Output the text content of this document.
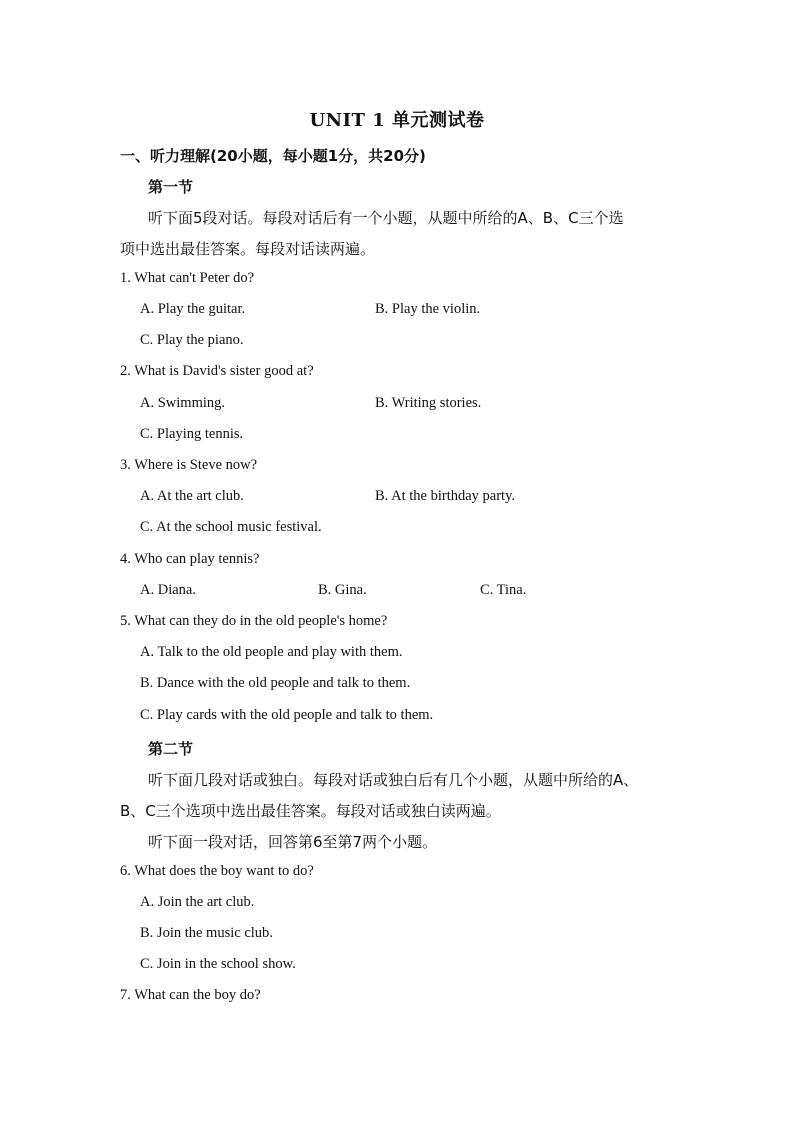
UNIT 1 单元测试卷
一、听力理解(20小题，每小题1分，共20分)
第一节
听下面5段对话。每段对话后有一个小题，从题中所给的A、B、C三个选
项中选出最佳答案。每段对话读两遍。
1. What can't Peter do?
A. Play the guitar.	B. Play the violin.
C. Play the piano.
2. What is David's sister good at?
A. Swimming.	B. Writing stories.
C. Playing tennis.
3. Where is Steve now?
A. At the art club.	B. At the birthday party.
C. At the school music festival.
4. Who can play tennis?
A. Diana.	B. Gina.	C. Tina.
5. What can they do in the old people's home?
A. Talk to the old people and play with them.
B. Dance with the old people and talk to them.
C. Play cards with the old people and talk to them.
第二节
听下面几段对话或独白。每段对话或独白后有几个小题，从题中所给的A、
B、C三个选项中选出最佳答案。每段对话或独白读两遍。
听下面一段对话，回答第6至第7两个小题。
6. What does the boy want to do?
A. Join the art club.
B. Join the music club.
C. Join in the school show.
7. What can the boy do?
